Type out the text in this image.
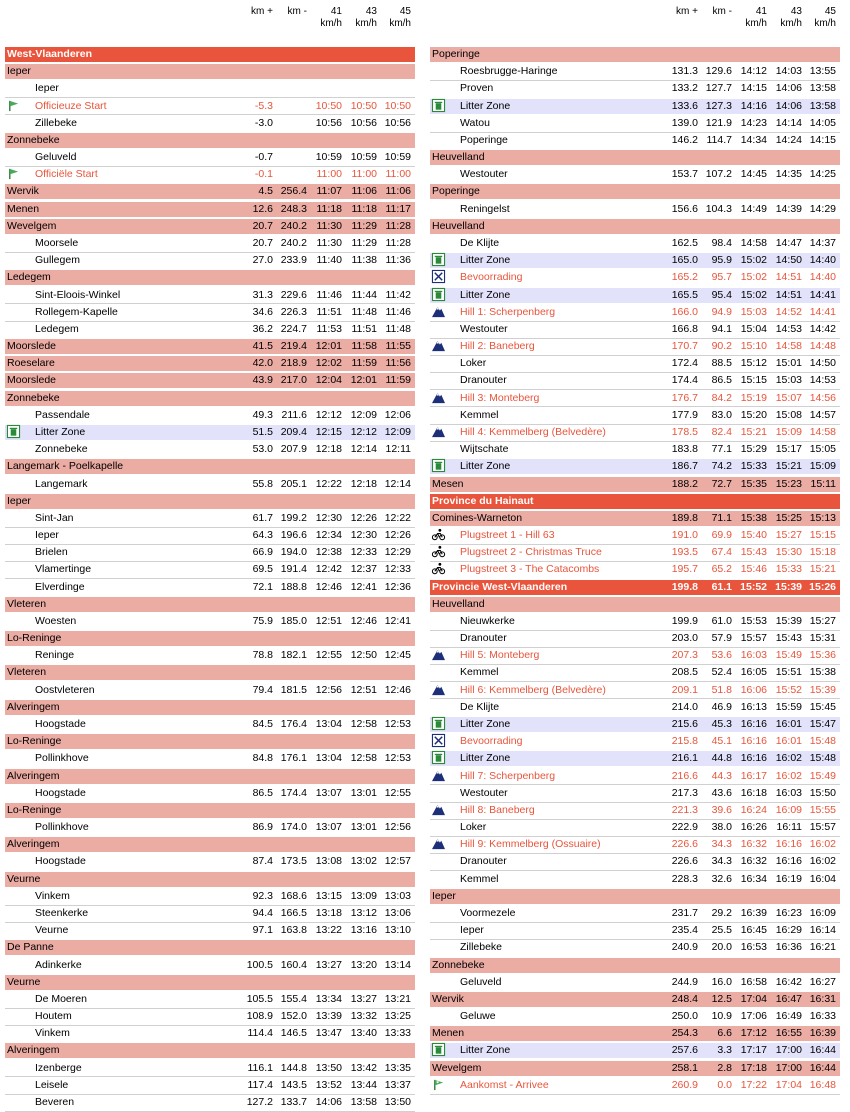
km +	km -	41
km/h
43
km/h
45
km/h
West-Vlaanderen
Ieper
Ieper
Officieuze Start	-5.3	10:50 10:50 10:50
Zillebeke	-3.0	10:56 10:56 10:56
Zonnebeke
Geluveld	-0.7	10:59 10:59 10:59
Officiële Start	-0.1	11:00 11:00 11:00
Wervik	4.5 256.4 11:07 11:06 11:06
Menen	12.6 248.3 11:18 11:18 11:17
Wevelgem	20.7 240.2 11:30 11:29 11:28
Moorsele	20.7 240.2 11:30 11:29 11:28
Gullegem	27.0 233.9 11:40 11:38 11:36
Ledegem
Sint-Eloois-Winkel	31.3 229.6 11:46 11:44 11:42
Rollegem-Kapelle	34.6 226.3 11:51 11:48 11:46
Ledegem	36.2 224.7 11:53 11:51 11:48
Moorslede	41.5 219.4 12:01 11:58 11:55
Roeselare	42.0 218.9 12:02 11:59 11:56
Moorslede	43.9 217.0 12:04 12:01 11:59
Zonnebeke
Passendale	49.3 211.6 12:12 12:09 12:06
Litter Zone	51.5 209.4 12:15 12:12 12:09
Zonnebeke	53.0 207.9 12:18 12:14 12:11
Langemark - Poelkapelle
Langemark	55.8 205.1 12:22 12:18 12:14
Ieper
Sint-Jan	61.7 199.2 12:30 12:26 12:22
Ieper	64.3 196.6 12:34 12:30 12:26
Brielen	66.9 194.0 12:38 12:33 12:29
Vlamertinge	69.5 191.4 12:42 12:37 12:33
Elverdinge	72.1 188.8 12:46 12:41 12:36
Vleteren
Woesten	75.9 185.0 12:51 12:46 12:41
Lo-Reninge
Reninge	78.8 182.1 12:55 12:50 12:45
Vleteren
Oostvleteren	79.4 181.5 12:56 12:51 12:46
Alveringem
Hoogstade	84.5 176.4 13:04 12:58 12:53
Lo-Reninge
Pollinkhove	84.8 176.1 13:04 12:58 12:53
Alveringem
Hoogstade	86.5 174.4 13:07 13:01 12:55
Lo-Reninge
Pollinkhove	86.9 174.0 13:07 13:01 12:56
Alveringem
Hoogstade	87.4 173.5 13:08 13:02 12:57
Veurne
Vinkem	92.3 168.6 13:15 13:09 13:03
Steenkerke	94.4 166.5 13:18 13:12 13:06
Veurne	97.1 163.8 13:22 13:16 13:10
De Panne
Adinkerke	100.5 160.4 13:27 13:20 13:14
Veurne
De Moeren	105.5 155.4 13:34 13:27 13:21
Houtem	108.9 152.0 13:39 13:32 13:25
Vinkem	114.4 146.5 13:47 13:40 13:33
Alveringem
Izenberge	116.1 144.8 13:50 13:42 13:35
Leisele	117.4 143.5 13:52 13:44 13:37
Beveren	127.2 133.7 14:06 13:58 13:50
km +	km -	41
km/h
43
km/h
45
km/h
Poperinge
Roesbrugge-Haringe	131.3 129.6 14:12 14:03 13:55
Proven	133.2 127.7 14:15 14:06 13:58
Litter Zone	133.6 127.3 14:16 14:06 13:58
Watou	139.0 121.9 14:23 14:14 14:05
Poperinge	146.2 114.7 14:34 14:24 14:15
Heuvelland
Westouter	153.7 107.2 14:45 14:35 14:25
Poperinge
Reningelst	156.6 104.3 14:49 14:39 14:29
Heuvelland
De Klijte	162.5	98.4 14:58 14:47 14:37
Litter Zone	165.0	95.9 15:02 14:50 14:40
Bevoorrading	165.2	95.7 15:02 14:51 14:40
Litter Zone	165.5	95.4 15:02 14:51 14:41
Hill 1: Scherpenberg	166.0	94.9 15:03 14:52 14:41
Westouter	166.8	94.1 15:04 14:53 14:42
Hill 2: Baneberg	170.7	90.2 15:10 14:58 14:48
Loker	172.4	88.5 15:12 15:01 14:50
Dranouter	174.4	86.5 15:15 15:03 14:53
Hill 3: Monteberg	176.7	84.2 15:19 15:07 14:56
Kemmel	177.9	83.0 15:20 15:08 14:57
Hill 4: Kemmelberg (Belvedère)	178.5	82.4 15:21 15:09 14:58
Wijtschate	183.8	77.1 15:29 15:17 15:05
Litter Zone	186.7	74.2 15:33 15:21 15:09
Mesen	188.2	72.7 15:35 15:23 15:11
Province du Hainaut
Comines-Warneton	189.8	71.1 15:38 15:25 15:13
Plugstreet 1 - Hill 63	191.0	69.9 15:40 15:27 15:15
Plugstreet 2 - Christmas Truce	193.5	67.4 15:43 15:30 15:18
Plugstreet 3 - The Catacombs	195.7	65.2 15:46 15:33 15:21
Provincie West-Vlaanderen	199.8	61.1 15:52 15:39 15:26
Heuvelland
Nieuwkerke	199.9	61.0 15:53 15:39 15:27
Dranouter	203.0	57.9 15:57 15:43 15:31
Hill 5: Monteberg	207.3	53.6 16:03 15:49 15:36
Kemmel	208.5	52.4 16:05 15:51 15:38
Hill 6: Kemmelberg (Belvedère)	209.1	51.8 16:06 15:52 15:39
De Klijte	214.0	46.9 16:13 15:59 15:45
Litter Zone	215.6	45.3 16:16 16:01 15:47
Bevoorrading	215.8	45.1 16:16 16:01 15:48
Litter Zone	216.1	44.8 16:16 16:02 15:48
Hill 7: Scherpenberg	216.6	44.3 16:17 16:02 15:49
Westouter	217.3	43.6 16:18 16:03 15:50
Hill 8: Baneberg	221.3	39.6 16:24 16:09 15:55
Loker	222.9	38.0 16:26 16:11 15:57
Hill 9: Kemmelberg (Ossuaire)	226.6	34.3 16:32 16:16 16:02
Dranouter	226.6	34.3 16:32 16:16 16:02
Kemmel	228.3	32.6 16:34 16:19 16:04
Ieper
Voormezele	231.7	29.2 16:39 16:23 16:09
Ieper	235.4	25.5 16:45 16:29 16:14
Zillebeke	240.9	20.0 16:53 16:36 16:21
Zonnebeke
Geluveld	244.9	16.0 16:58 16:42 16:27
Wervik	248.4	12.5 17:04 16:47 16:31
Geluwe	250.0	10.9 17:06 16:49 16:33
Menen	254.3	6.6 17:12 16:55 16:39
Litter Zone	257.6	3.3 17:17 17:00 16:44
Wevelgem	258.1	2.8 17:18 17:00 16:44
Aankomst - Arrivee	260.9	0.0 17:22 17:04 16:48
